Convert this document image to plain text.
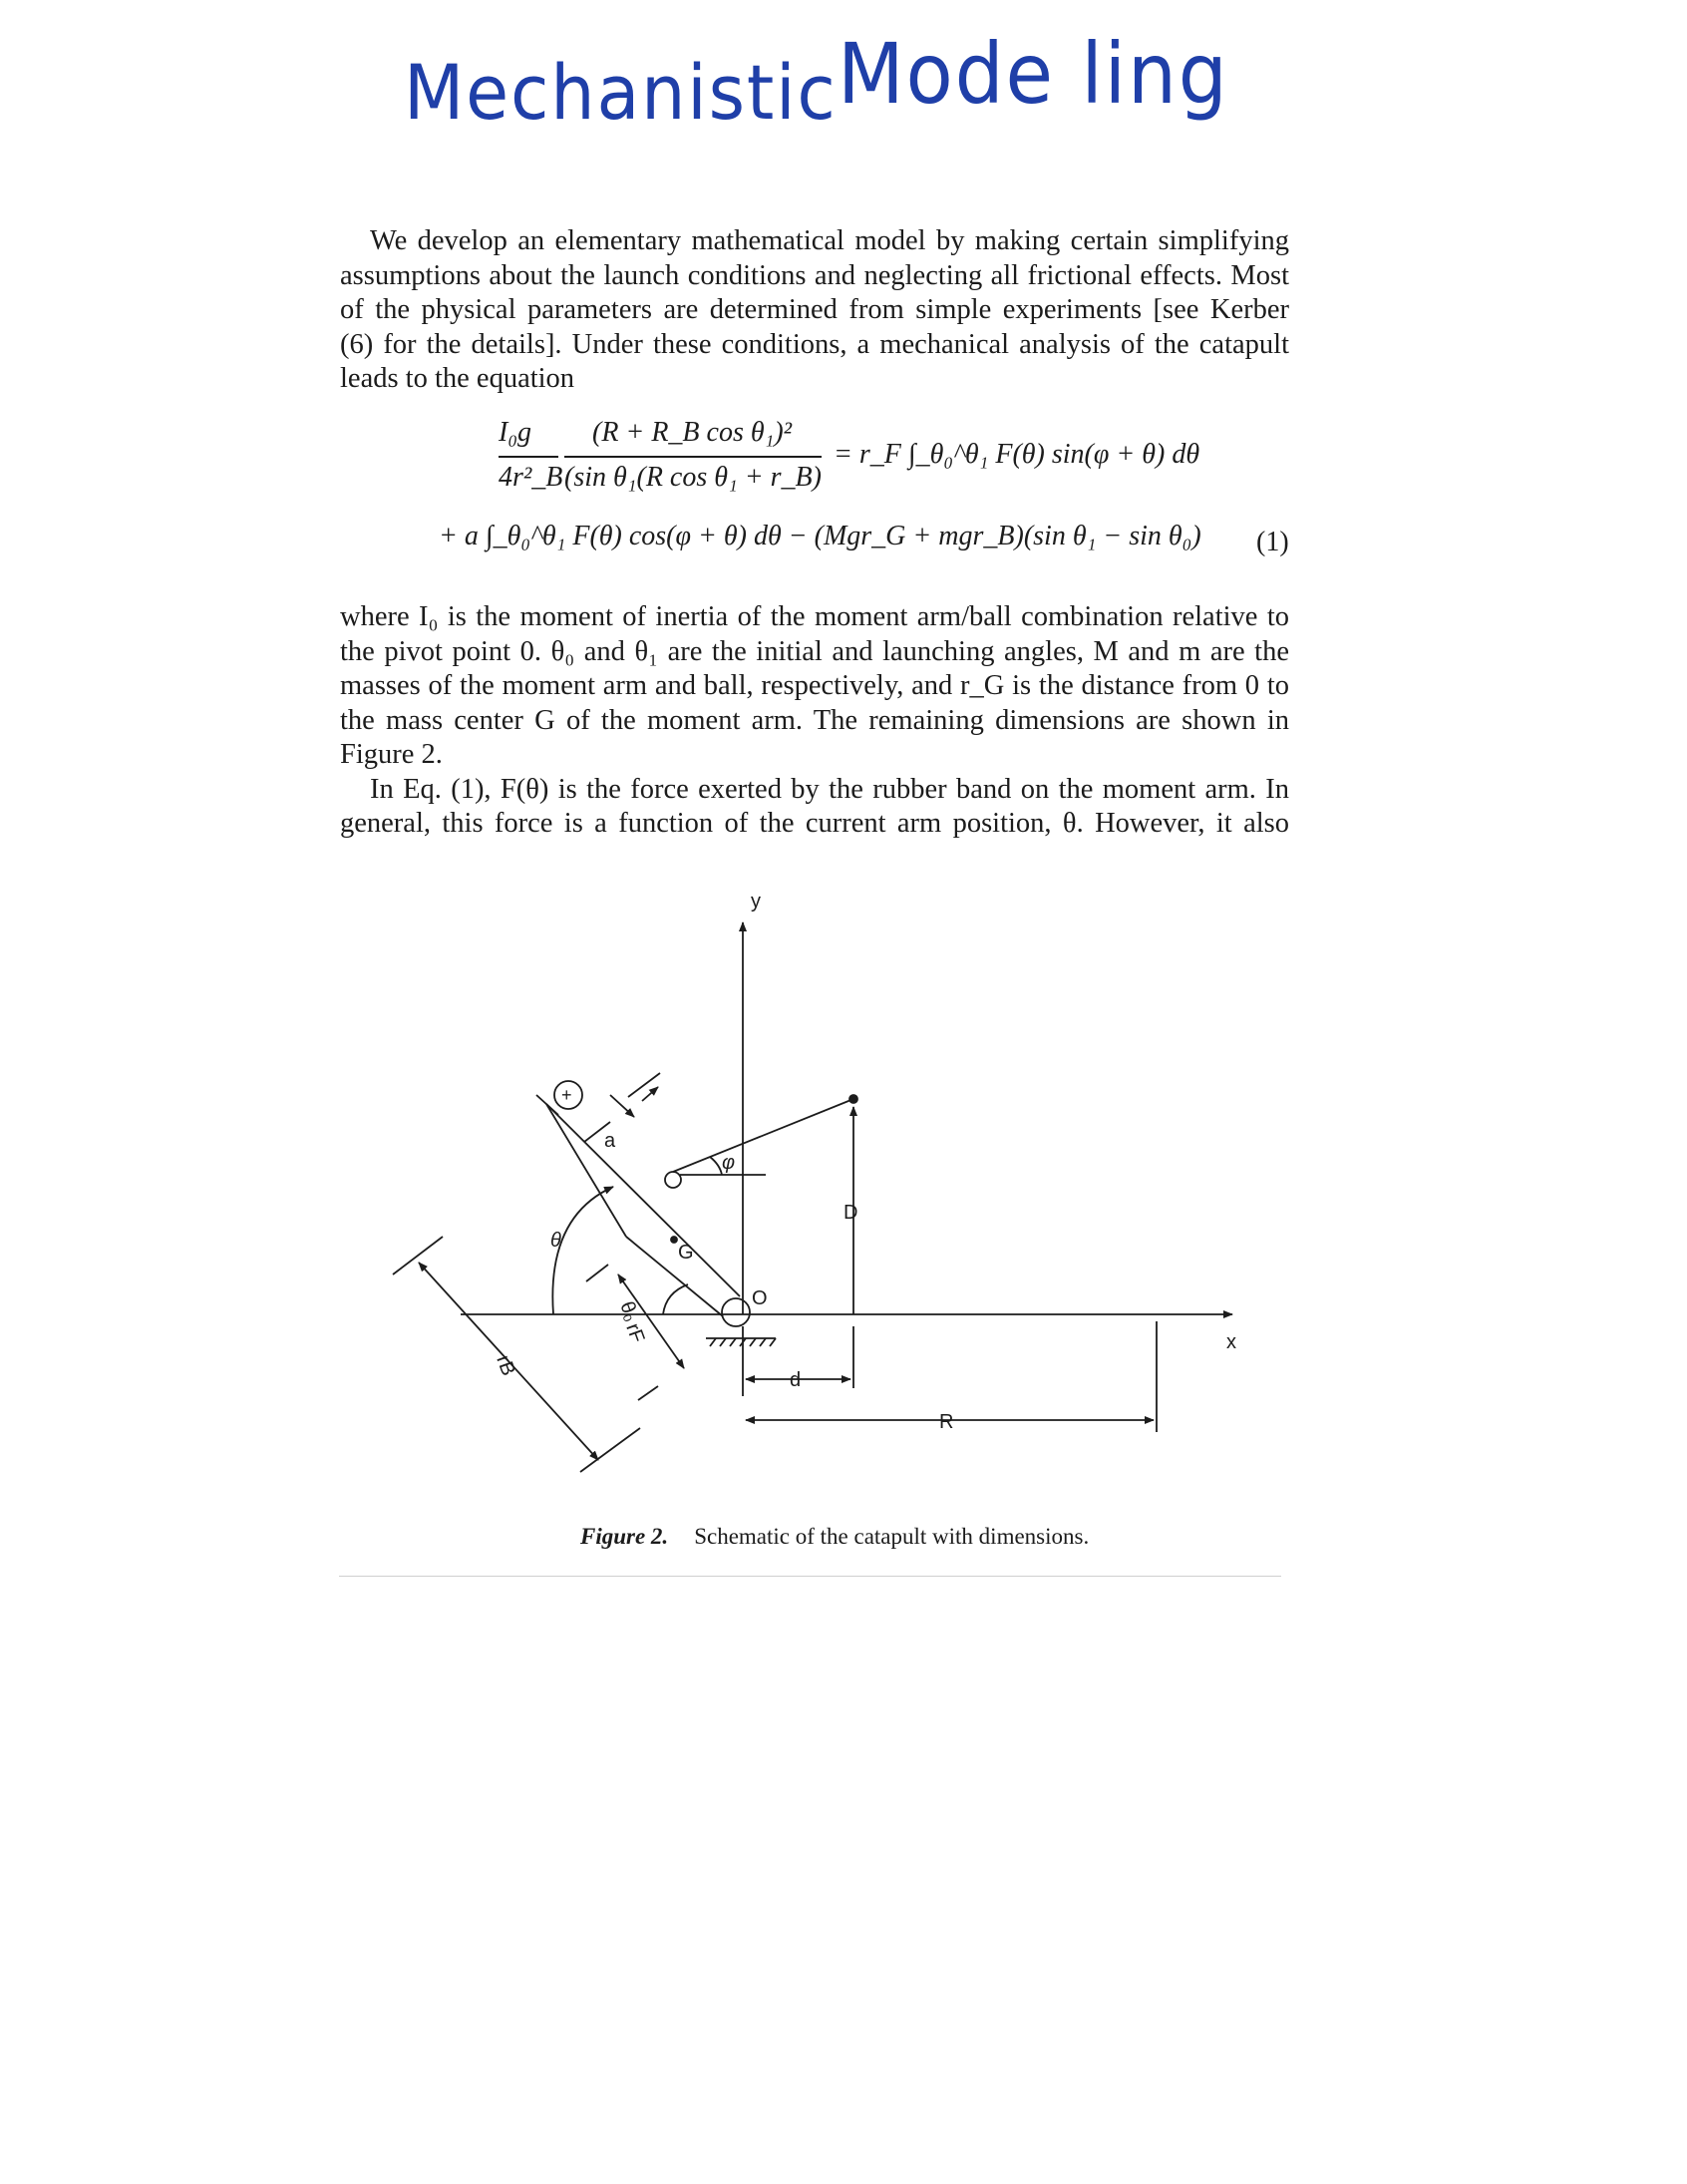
Mechanistic Mode ling
We develop an elementary mathematical model by making certain simplifying
assumptions about the launch conditions and neglecting all frictional effects. Most
of the physical parameters are determined from simple experiments [see Kerber
(6) for the details]. Under these conditions, a mechanical analysis of the catapult
leads to the equation
I₀g (R + R_B cos θ₁)²
4r²_B (sin θ₁(R cos θ₁ + r_B)
= r_F ∫_θ₀^θ₁ F(θ) sin(φ + θ) dθ
+ a ∫_θ₀^θ₁ F(θ) cos(φ + θ) dθ − (Mgr_G + mgr_B)(sin θ₁ − sin θ₀) (1)
where I₀ is the moment of inertia of the moment arm/ball combination relative to
the pivot point 0. θ₀ and θ₁ are the initial and launching angles, M and m are the
masses of the moment arm and ball, respectively, and r_G is the distance from 0 to
the mass center G of the moment arm. The remaining dimensions are shown in
Figure 2.
In Eq. (1), F(θ) is the force exerted by the rubber band on the moment arm. In
general, this force is a function of the current arm position, θ. However, it also
y
x
O
G
a
φ
D
d
R
rF
rB
θ₀
θ
+
Figure 2. Schematic of the catapult with dimensions.
